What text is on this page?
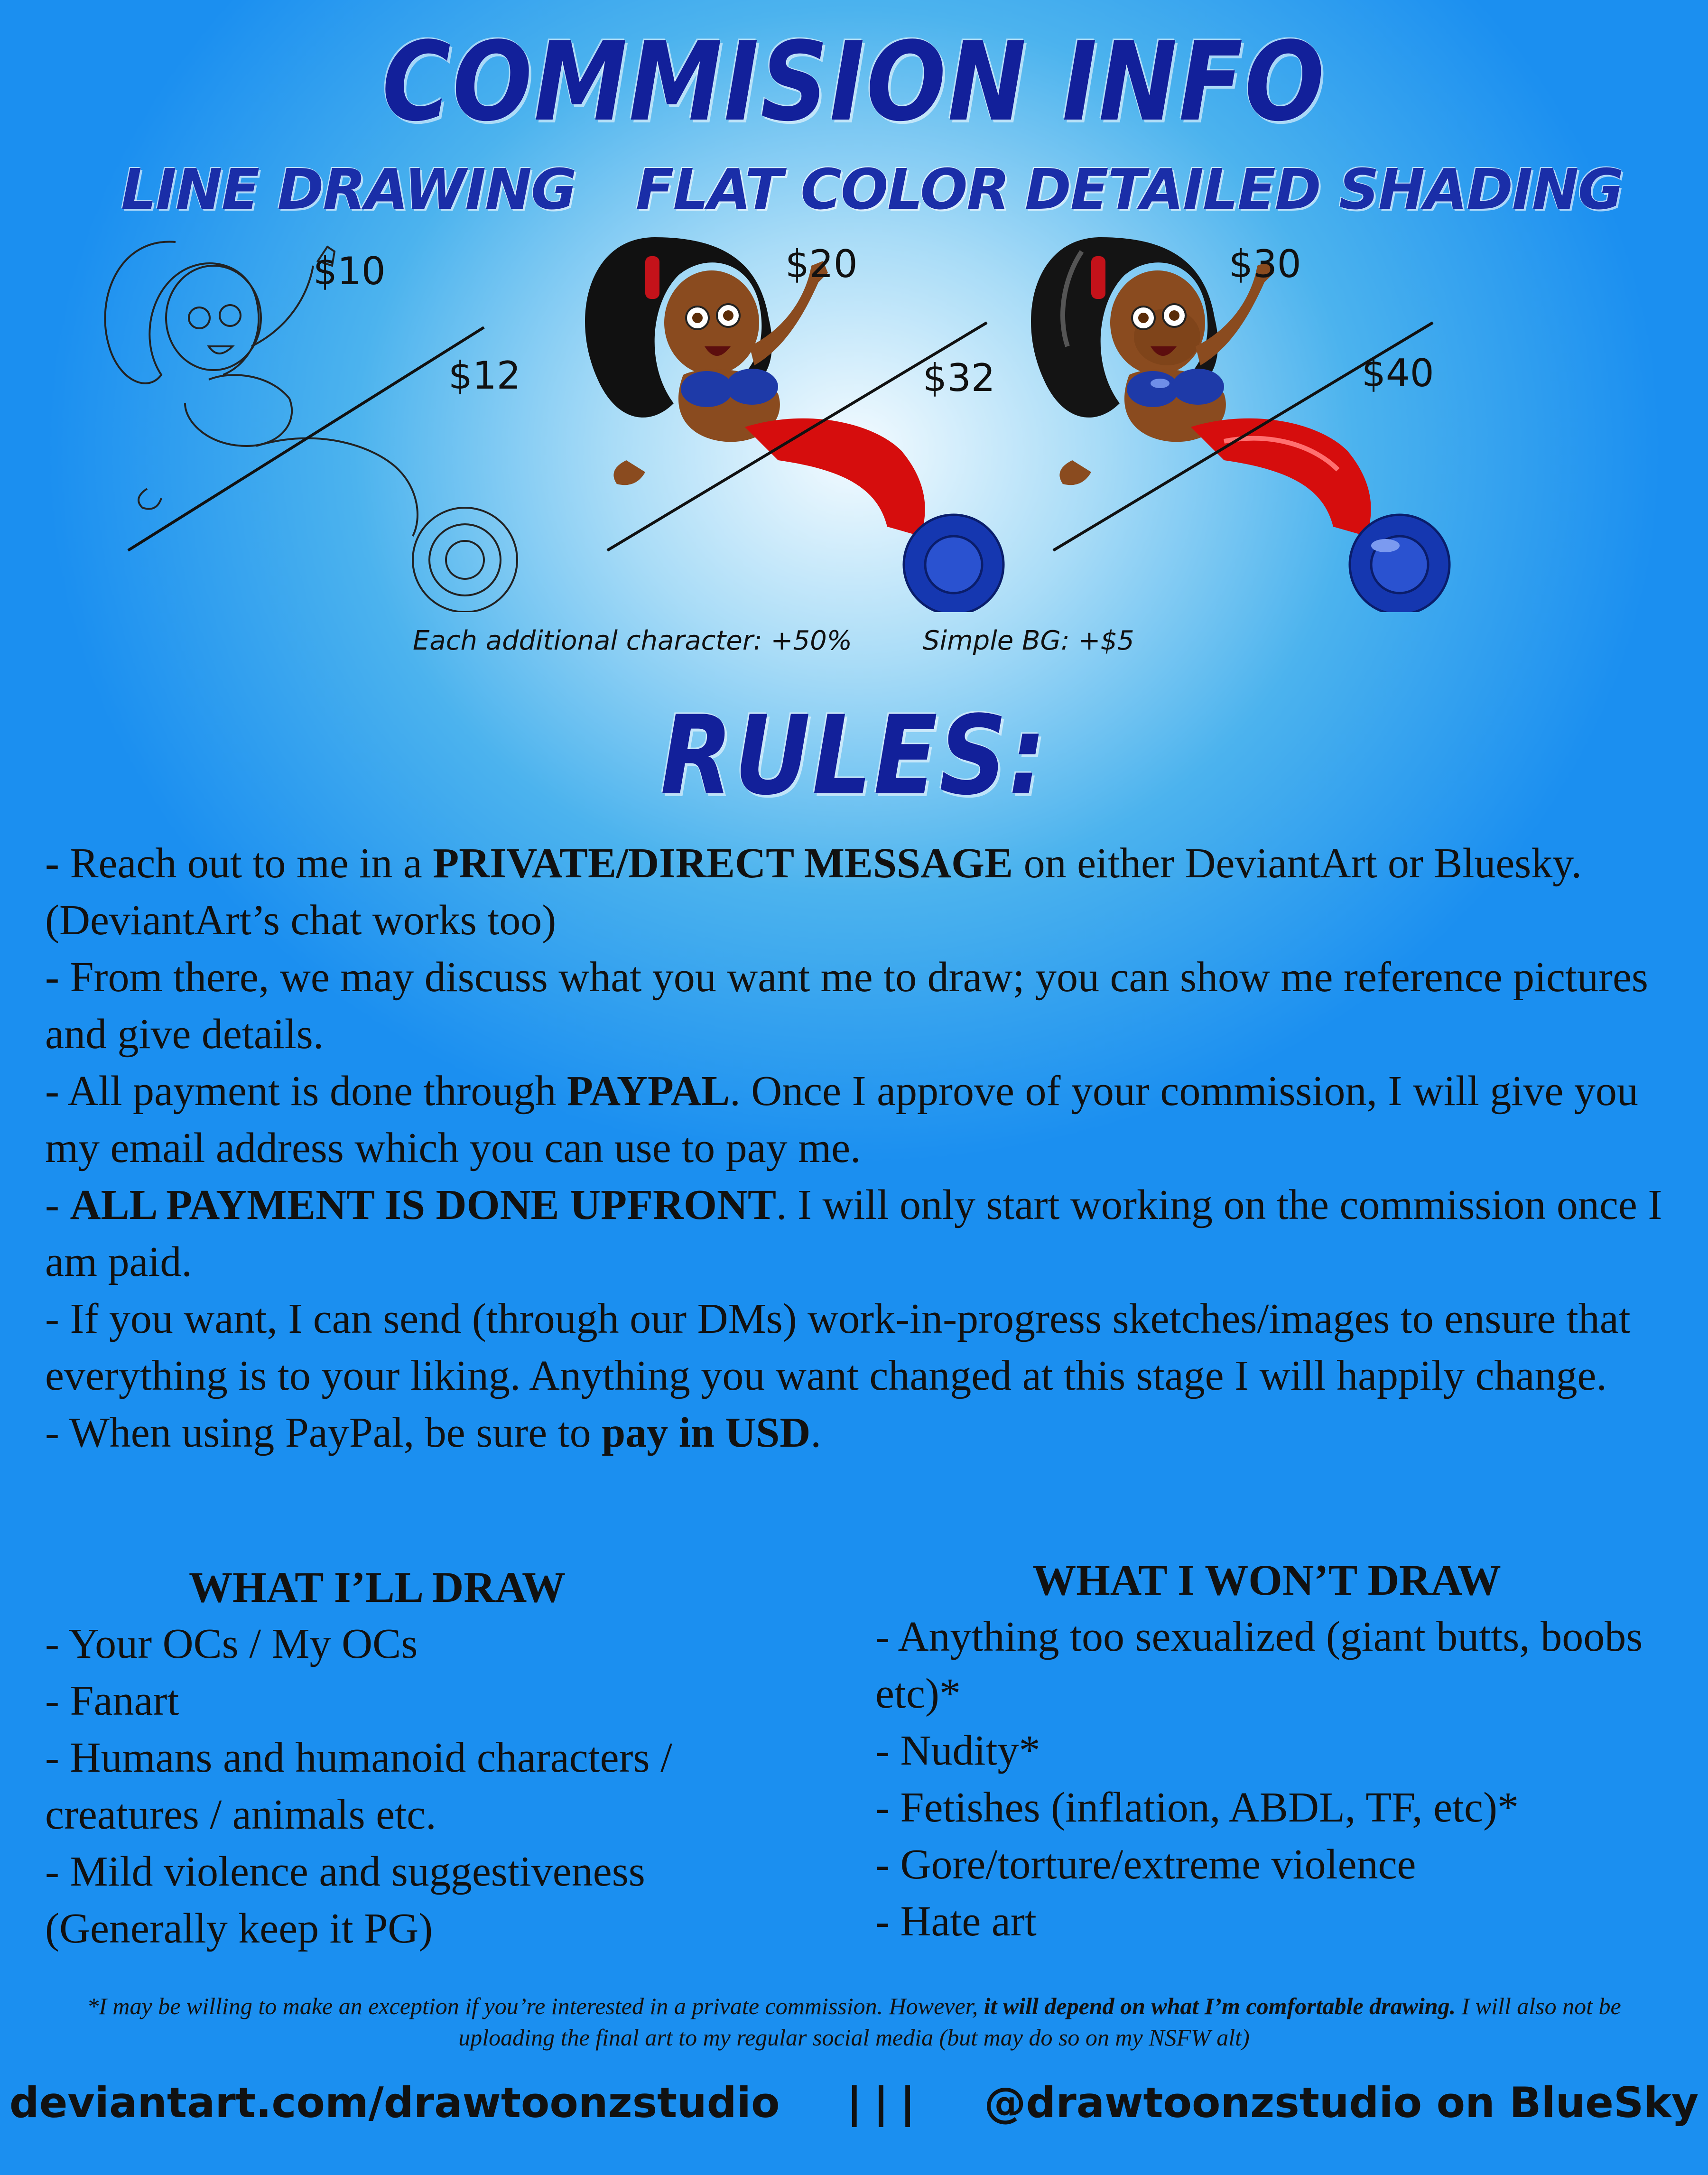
COMMISION INFO
LINE DRAWING FLAT COLOR DETAILED SHADING
$10
$12
$20
$32
$30
$40
Each additional character: +50%	Simple BG: +$5
RULES:

- Reach out to me in a PRIVATE/DIRECT MESSAGE on either DeviantArt or Bluesky. (DeviantArt’s chat works too)

- From there, we may discuss what you want me to draw; you can show me reference pictures and give details.

- All payment is done through PAYPAL. Once I approve of your commission, I will give you my email address which you can use to pay me.

- ALL PAYMENT IS DONE UPFRONT. I will only start working on the commission once I am paid.

- If you want, I can send (through our DMs) work-in-progress sketches/images to ensure that everything is to your liking. Anything you want changed at this stage I will happily change.

- When using PayPal, be sure to pay in USD.

WHAT I’LL DRAW

- Your OCs / My OCs

- Fanart

- Humans and humanoid characters / creatures / animals etc.

- Mild violence and suggestiveness (Generally keep it PG)

WHAT I WON’T DRAW

- Anything too sexualized (giant butts, boobs etc)*

- Nudity*

- Fetishes (inflation, ABDL, TF, etc)*

- Gore/torture/extreme violence

- Hate art

*I may be willing to make an exception if you’re interested in a private commission. However, it will depend on what I’m comfortable drawing. I will also not be uploading the final art to my regular social media (but may do so on my NSFW alt)
deviantart.com/drawtoonzstudio ||| @drawtoonzstudio on BlueSky
